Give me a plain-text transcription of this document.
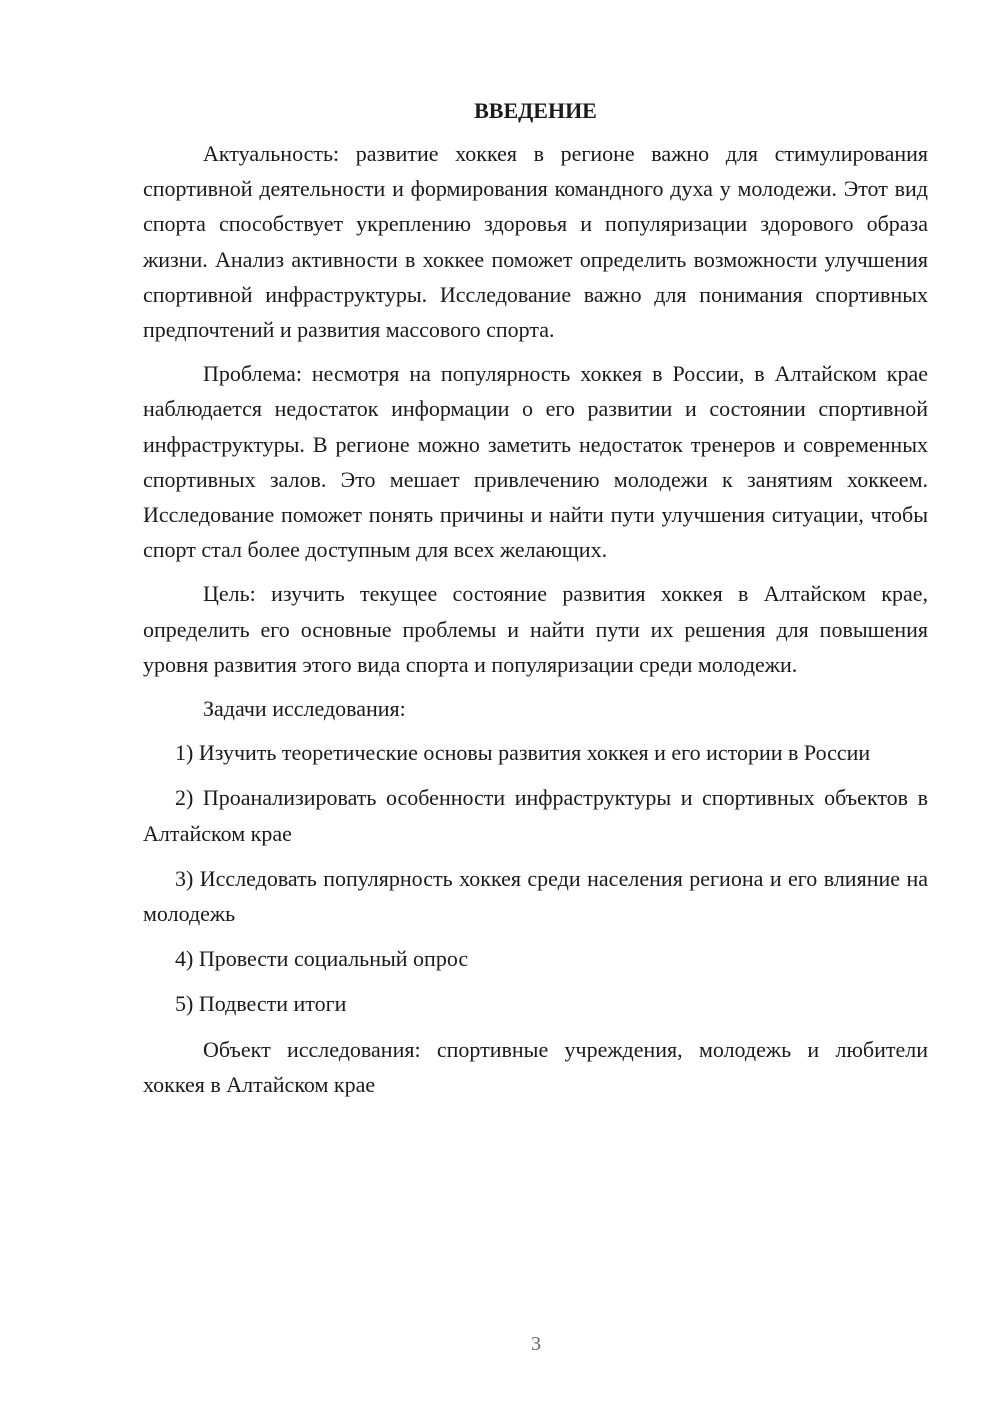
ВВЕДЕНИЕ

Актуальность: развитие хоккея в регионе важно для стимулирования спортивной деятельности и формирования командного духа у молодежи. Этот вид спорта способствует укреплению здоровья и популяризации здорового образа жизни. Анализ активности в хоккее поможет определить возможности улучшения спортивной инфраструктуры. Исследование важно для понимания спортивных предпочтений и развития массового спорта.

Проблема: несмотря на популярность хоккея в России, в Алтайском крае наблюдается недостаток информации о его развитии и состоянии спортивной инфраструктуры. В регионе можно заметить недостаток тренеров и современных спортивных залов. Это мешает привлечению молодежи к занятиям хоккеем. Исследование поможет понять причины и найти пути улучшения ситуации, чтобы спорт стал более доступным для всех желающих.

Цель: изучить текущее состояние развития хоккея в Алтайском крае, определить его основные проблемы и найти пути их решения для повышения уровня развития этого вида спорта и популяризации среди молодежи.

Задачи исследования:

1) Изучить теоретические основы развития хоккея и его истории в России

2) Проанализировать особенности инфраструктуры и спортивных объектов в Алтайском крае

3) Исследовать популярность хоккея среди населения региона и его влияние на молодежь

4) Провести социальный опрос

5) Подвести итоги

Объект исследования: спортивные учреждения, молодежь и любители хоккея в Алтайском крае

3
